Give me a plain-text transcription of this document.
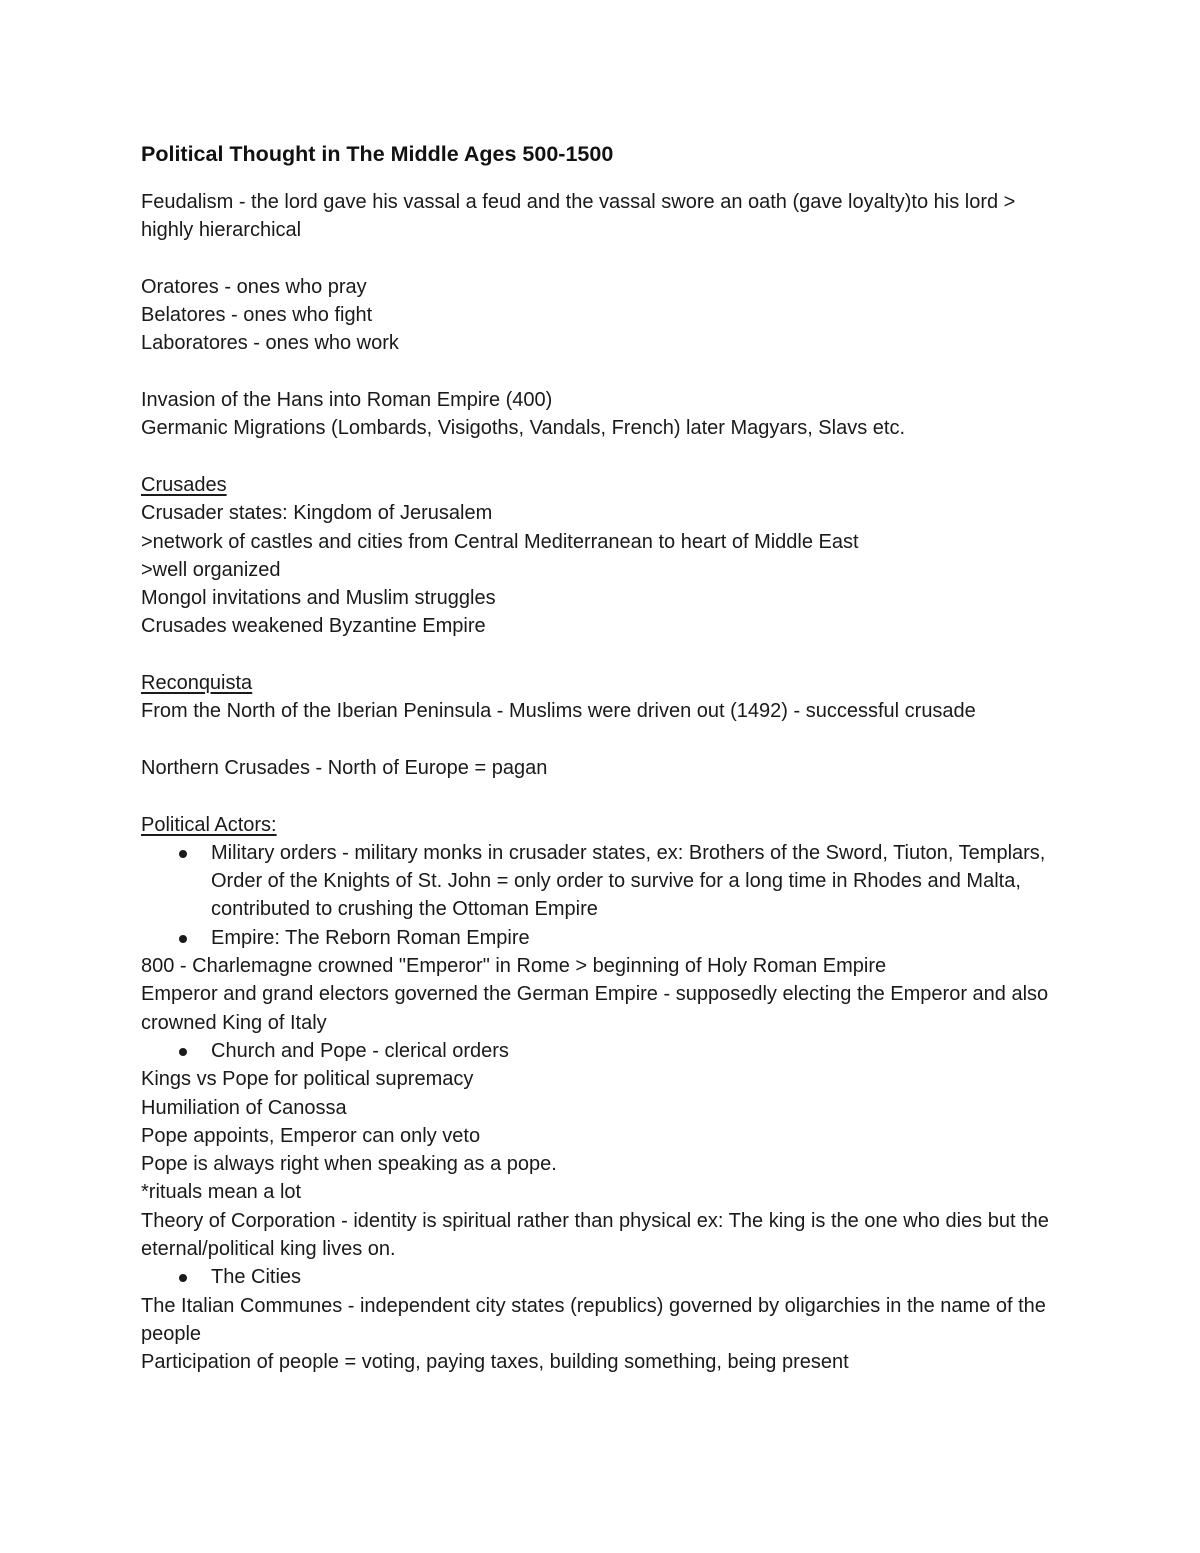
Political Thought in The Middle Ages 500-1500

Feudalism - the lord gave his vassal a feud and the vassal swore an oath (gave loyalty)to his lord > highly hierarchical

Oratores - ones who pray

Belatores - ones who fight

Laboratores - ones who work

Invasion of the Hans into Roman Empire (400)

Germanic Migrations (Lombards, Visigoths, Vandals, French) later Magyars, Slavs etc.

Crusades

Crusader states: Kingdom of Jerusalem

>network of castles and cities from Central Mediterranean to heart of Middle East

>well organized

Mongol invitations and Muslim struggles

Crusades weakened Byzantine Empire

Reconquista

From the North of the Iberian Peninsula - Muslims were driven out (1492) - successful crusade

Northern Crusades - North of Europe = pagan

Political Actors:

Military orders - military monks in crusader states, ex: Brothers of the Sword, Tiuton, Templars, Order of the Knights of St. John = only order to survive for a long time in Rhodes and Malta, contributed to crushing the Ottoman Empire
Empire: The Reborn Roman Empire

800 - Charlemagne crowned "Emperor" in Rome > beginning of Holy Roman Empire

Emperor and grand electors governed the German Empire - supposedly electing the Emperor and also crowned King of Italy

Church and Pope - clerical orders

Kings vs Pope for political supremacy

Humiliation of Canossa

Pope appoints, Emperor can only veto

Pope is always right when speaking as a pope.

*rituals mean a lot

Theory of Corporation - identity is spiritual rather than physical ex: The king is the one who dies but the eternal/political king lives on.

The Cities

The Italian Communes - independent city states (republics) governed by oligarchies in the name of the people

Participation of people = voting, paying taxes, building something, being present
